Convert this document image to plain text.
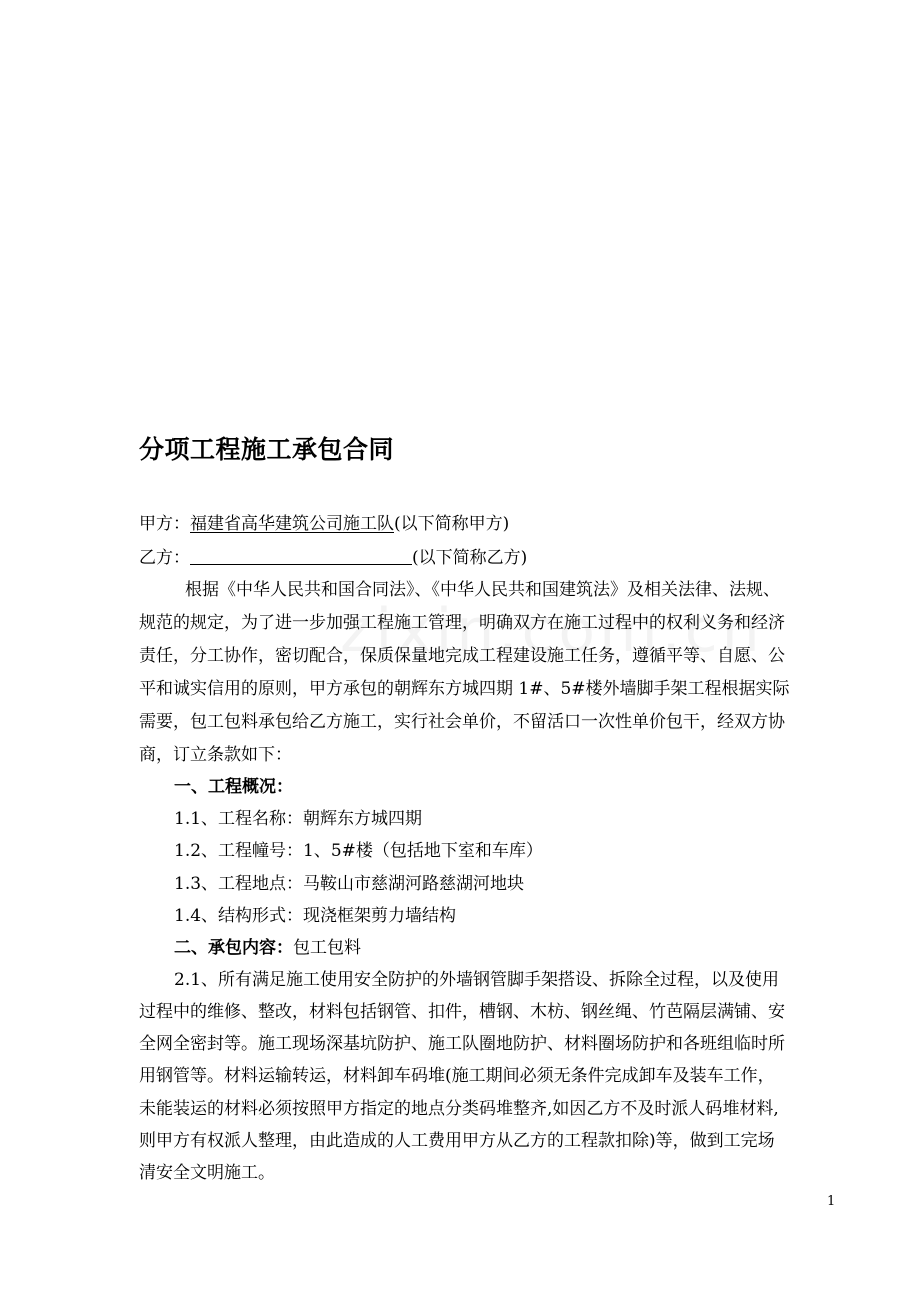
分项工程施工承包合同
甲方：福建省高华建筑公司施工队(以下简称甲方)
乙方：	(以下简称乙方)
根据《中华人民共和国合同法》、《中华人民共和国建筑法》及相关法律、法规、
规范的规定，为了进一步加强工程施工管理，明确双方在施工过程中的权利义务和经济
责任，分工协作，密切配合，保质保量地完成工程建设施工任务，遵循平等、自愿、公
平和诚实信用的原则，甲方承包的朝辉东方城四期 1#、5#楼外墙脚手架工程根据实际
需要，包工包料承包给乙方施工，实行社会单价，不留活口一次性单价包干，经双方协
商，订立条款如下：
一、工程概况：
1.1、工程名称：朝辉东方城四期
1.2、工程幢号：1、5#楼（包括地下室和车库）
1.3、工程地点：马鞍山市慈湖河路慈湖河地块
1.4、结构形式：现浇框架剪力墙结构
二、承包内容：包工包料
2.1、所有满足施工使用安全防护的外墙钢管脚手架搭设、拆除全过程，以及使用
过程中的维修、整改，材料包括钢管、扣件，槽钢、木枋、钢丝绳、竹芭隔层满铺、安
全网全密封等。施工现场深基坑防护、施工队圈地防护、材料圈场防护和各班组临时所
用钢管等。材料运输转运，材料卸车码堆(施工期间必须无条件完成卸车及装车工作，
未能装运的材料必须按照甲方指定的地点分类码堆整齐,如因乙方不及时派人码堆材料,
则甲方有权派人整理，由此造成的人工费用甲方从乙方的工程款扣除)等，做到工完场
清安全文明施工。
1
